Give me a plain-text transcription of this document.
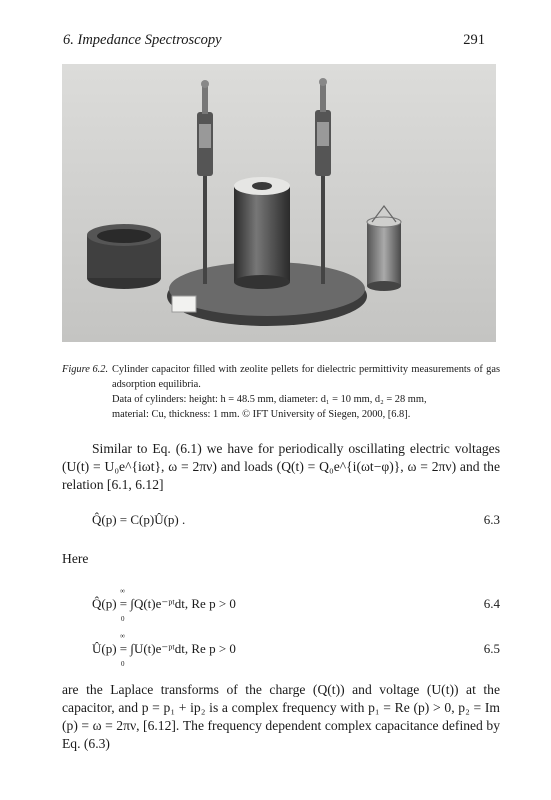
6. Impedance Spectroscopy	291
Figure 6.2. Cylinder capacitor filled with zeolite pellets for dielectric permittivity measurements of gas adsorption equilibria.

Data of cylinders: height: h = 48.5 mm, diameter: d₁ = 10 mm, d₂ = 28 mm,

material: Cu, thickness: 1 mm. © IFT University of Siegen, 2000, [6.8].

Similar to Eq. (6.1) we have for periodically oscillating electric voltages (U(t) = U₀e^{iωt}, ω = 2πν) and loads (Q(t) = Q₀e^{i(ωt−φ)}, ω = 2πν) and the relation [6.1, 6.12]
Q̂(p) = C(p)Û(p) .	6.3
Here
∞
Q̂(p) = ∫Q(t)e⁻ᵖᵗdt, Re p > 0
0
6.4
∞
Û(p) = ∫U(t)e⁻ᵖᵗdt, Re p > 0
0
6.5
are the Laplace transforms of the charge (Q(t)) and voltage (U(t)) at the capacitor, and p = p₁ + ip₂ is a complex frequency with p₁ = Re (p) > 0, p₂ = Im (p) = ω = 2πν, [6.12]. The frequency dependent complex capacitance defined by Eq. (6.3)
